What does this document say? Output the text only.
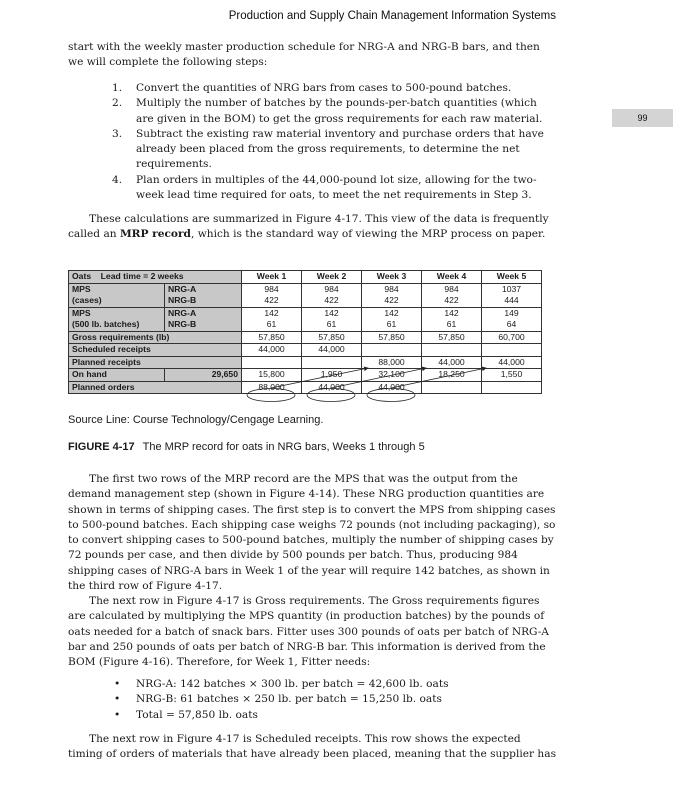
Production and Supply Chain Management Information Systems
99

start with the weekly master production schedule for NRG-A and NRG-B bars, and then we will complete the following steps:

1. Convert the quantities of NRG bars from cases to 500-pound batches.
2. Multiply the number of batches by the pounds-per-batch quantities (which are given in the BOM) to get the gross requirements for each raw material.
3. Subtract the existing raw material inventory and purchase orders that have already been placed from the gross requirements, to determine the net requirements.
4. Plan orders in multiples of the 44,000-pound lot size, allowing for the two-week lead time required for oats, to meet the net requirements in Step 3.

These calculations are summarized in Figure 4-17. This view of the data is frequently called an MRP record, which is the standard way of viewing the MRP process on paper.

Oats Lead time = 2 weeks		Week 1	Week 2	Week 3	Week 4	Week 5
MPS	NRG-A	984	984	984	984	1037
(cases)	NRG-B	422	422	422	422	444
MPS	NRG-A	142	142	142	142	149
(500 lb. batches)	NRG-B	61	61	61	61	64
Gross requirements (lb)		57,850	57,850	57,850	57,850	60,700
Scheduled receipts		44,000	44,000			
Planned receipts				88,000	44,000	44,000
On hand	29,650	15,800	1,950	32,100	18,250	1,550
Planned orders		88,000	44,000	44,000		
Source Line: Course Technology/Cengage Learning.
FIGURE 4-17 The MRP record for oats in NRG bars, Weeks 1 through 5

The first two rows of the MRP record are the MPS that was the output from the demand management step (shown in Figure 4-14). These NRG production quantities are shown in terms of shipping cases. The first step is to convert the MPS from shipping cases to 500-pound batches. Each shipping case weighs 72 pounds (not including packaging), so to convert shipping cases to 500-pound batches, multiply the number of shipping cases by 72 pounds per case, and then divide by 500 pounds per batch. Thus, producing 984 shipping cases of NRG-A bars in Week 1 of the year will require 142 batches, as shown in the third row of Figure 4-17.

The next row in Figure 4-17 is Gross requirements. The Gross requirements figures are calculated by multiplying the MPS quantity (in production batches) by the pounds of oats needed for a batch of snack bars. Fitter uses 300 pounds of oats per batch of NRG-A bar and 250 pounds of oats per batch of NRG-B bar. This information is derived from the BOM (Figure 4-16). Therefore, for Week 1, Fitter needs:

• NRG-A: 142 batches × 300 lb. per batch = 42,600 lb. oats
• NRG-B: 61 batches × 250 lb. per batch = 15,250 lb. oats
• Total = 57,850 lb. oats

The next row in Figure 4-17 is Scheduled receipts. This row shows the expected timing of orders of materials that have already been placed, meaning that the supplier has
